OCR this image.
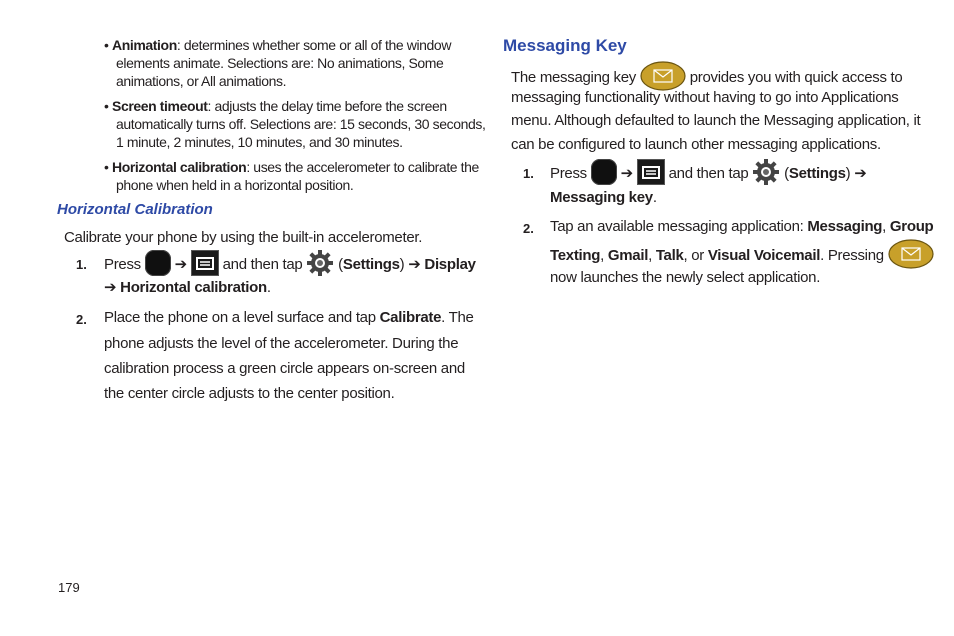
• Animation: determines whether some or all of the window
elements animate. Selections are: No animations, Some
animations, or All animations.
• Screen timeout: adjusts the delay time before the screen
automatically turns off. Selections are: 15 seconds, 30 seconds,
1 minute, 2 minutes, 10 minutes, and 30 minutes.
• Horizontal calibration: uses the accelerometer to calibrate the
phone when held in a horizontal position.
Horizontal Calibration
Calibrate your phone by using the built-in accelerometer.
1. Press ➔ and then tap  (Settings) ➔ Display
➔ Horizontal calibration.
2. Place the phone on a level surface and tap Calibrate. The
phone adjusts the level of the accelerometer. During the
calibration process a green circle appears on-screen and
the center circle adjusts to the center position.
Messaging Key
The messaging key	provides you with quick access to
messaging functionality without having to go into Applications
menu. Although defaulted to launch the Messaging application, it
can be configured to launch other messaging applications.
1. Press ➔ and then tap  (Settings) ➔
Messaging key.
2. Tap an available messaging application: Messaging, Group
Texting, Gmail, Talk, or Visual Voicemail. Pressing
now launches the newly select application.
179
